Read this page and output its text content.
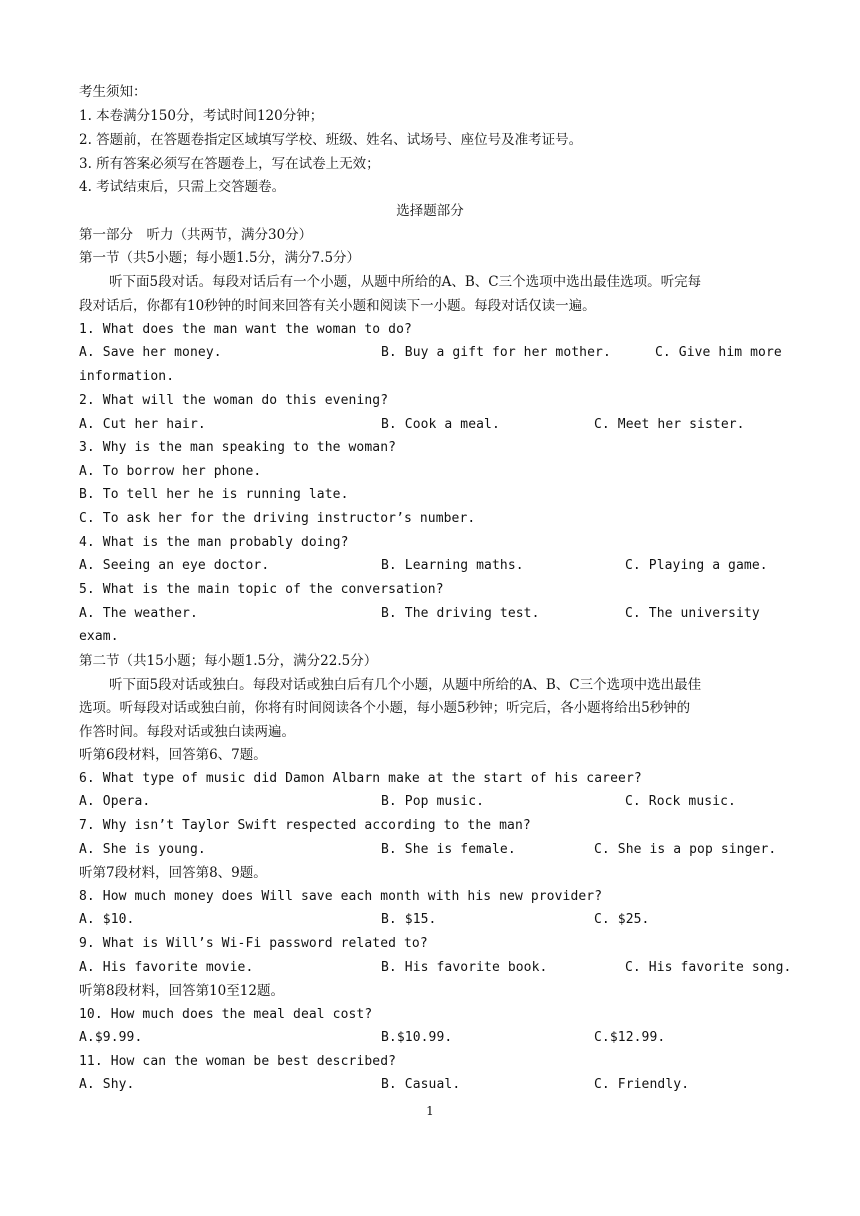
考生须知：
1. 本卷满分150分，考试时间120分钟；
2. 答题前，在答题卷指定区域填写学校、班级、姓名、试场号、座位号及准考证号。
3. 所有答案必须写在答题卷上，写在试卷上无效；
4. 考试结束后，只需上交答题卷。
选择题部分
第一部分　听力（共两节，满分30分）
第一节（共5小题；每小题1.5分，满分7.5分）
听下面5段对话。每段对话后有一个小题，从题中所给的A、B、C三个选项中选出最佳选项。听完每
段对话后，你都有10秒钟的时间来回答有关小题和阅读下一小题。每段对话仅读一遍。
1. What does the man want the woman to do?
A. Save her money.	B. Buy a gift for her mother.	C. Give him more
information.
2. What will the woman do this evening?
A. Cut her hair.	B. Cook a meal.	C. Meet her sister.
3. Why is the man speaking to the woman?
A. To borrow her phone.
B. To tell her he is running late.
C. To ask her for the driving instructor’s number.
4. What is the man probably doing?
A. Seeing an eye doctor.	B. Learning maths.	C. Playing a game.
5. What is the main topic of the conversation?
A. The weather.	B. The driving test.	C. The university
exam.
第二节（共15小题；每小题1.5分，满分22.5分）
听下面5段对话或独白。每段对话或独白后有几个小题，从题中所给的A、B、C三个选项中选出最佳
选项。听每段对话或独白前，你将有时间阅读各个小题，每小题5秒钟；听完后，各小题将给出5秒钟的
作答时间。每段对话或独白读两遍。
听第6段材料，回答第6、7题。
6. What type of music did Damon Albarn make at the start of his career?
A. Opera.	B. Pop music.	C. Rock music.
7. Why isn’t Taylor Swift respected according to the man?
A. She is young.	B. She is female.	C. She is a pop singer.
听第7段材料，回答第8、9题。
8. How much money does Will save each month with his new provider?
A. $10.	B. $15.	C. $25.
9. What is Will’s Wi-Fi password related to?
A. His favorite movie.	B. His favorite book.	C. His favorite song.
听第8段材料，回答第10至12题。
10. How much does the meal deal cost?
A.$9.99.	B.$10.99.	C.$12.99.
11. How can the woman be best described?
A. Shy.	B. Casual.	C. Friendly.
1
